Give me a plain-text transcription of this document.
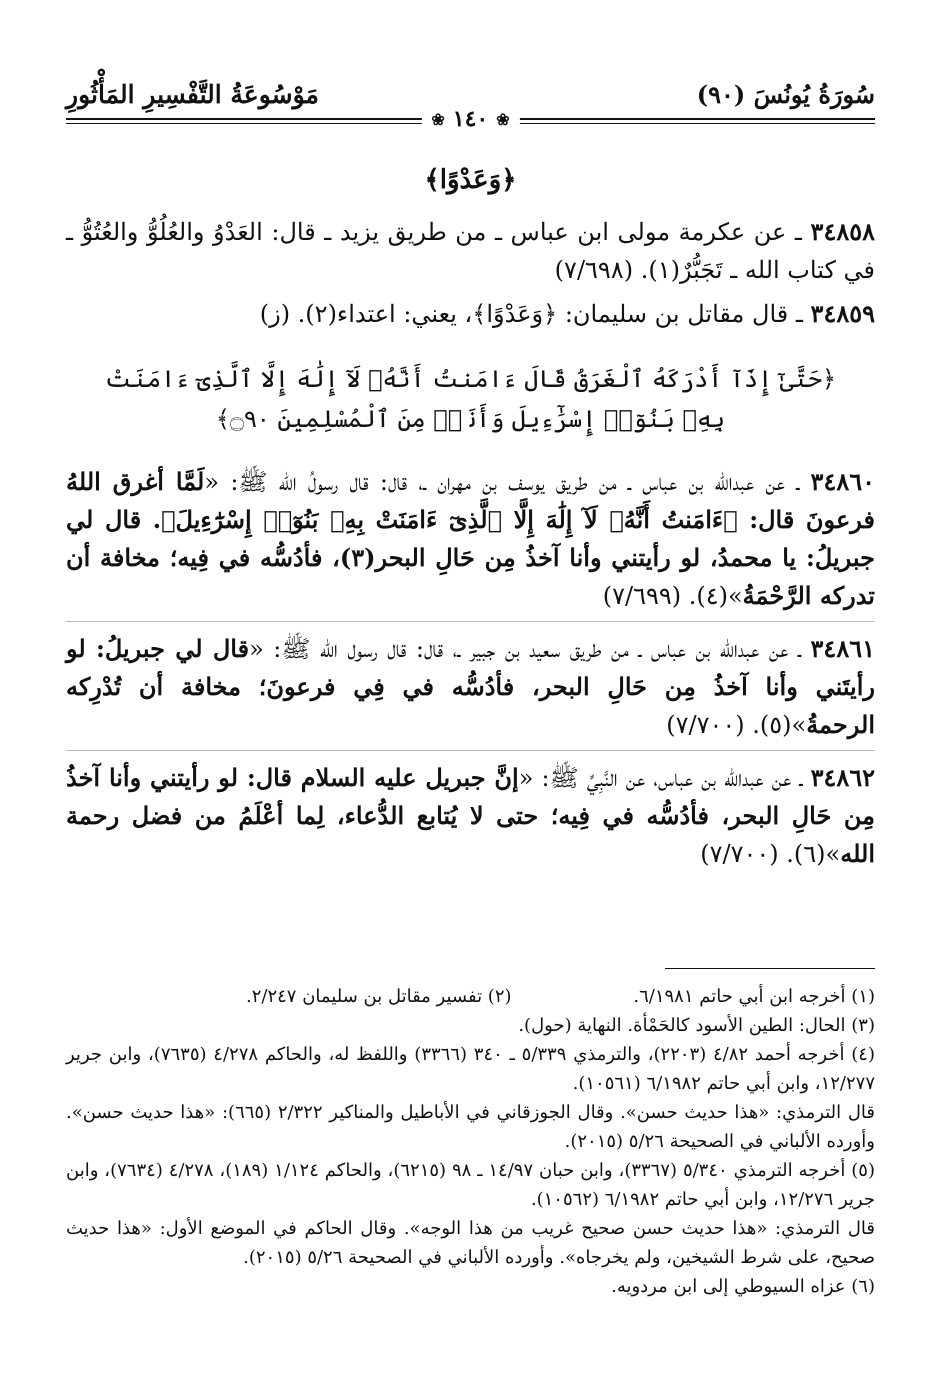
سُورَةُ يُونُسَ (٩٠)
مَوْسُوعَةُ التَّفْسِيرِ المَأْثُورِ
❀
١٤٠
❀
﴿وَعَدْوًا﴾

٣٤٨٥٨ ـ عن عكرمة مولى ابن عباس ـ من طريق يزيد ـ قال: العَدْوُ والعُلُوُّ والعُتُوُّ ـ في كتاب الله ـ تَجَبُّرٌ(١). (٧/٦٩٨)

٣٤٨٥٩ ـ قال مقاتل بن سليمان: ﴿وَعَدْوًا﴾، يعني: اعتداء(٢). (ز)

﴿حَتَّىٰٓ إِذَآ أَدْرَكَهُ ٱلْغَرَقُ قَالَ ءَامَنتُ أَنَّهُۥ لَآ إِلَٰهَ إِلَّا ٱلَّذِىٓ ءَامَنَتْ بِهِۦ بَنُوٓا۟ إِسْرَٰٓءِيلَ وَأَنَا۠ مِنَ ٱلْمُسْلِمِينَ ۝٩٠﴾

٣٤٨٦٠ ـ عن عبدالله بن عباس ـ من طريق يوسف بن مهران ـ، قال: قال رسولُ الله ﷺ: «لَمَّا أغرق اللهُ فرعونَ قال: ﴿ءَامَنتُ أَنَّهُۥ لَآ إِلَٰهَ إِلَّا ٱلَّذِىٓ ءَامَنَتْ بِهِۦ بَنُوٓا۟ إِسْرَٰٓءِيلَ﴾. قال لي جبريلُ: يا محمدُ، لو رأيتني وأنا آخذُ مِن حَالِ البحر(٣)، فأدُسُّه في فِيه؛ مخافة أن تدركه الرَّحْمَةُ»(٤). (٧/٦٩٩)

٣٤٨٦١ ـ عن عبدالله بن عباس ـ من طريق سعيد بن جبير ـ، قال: قال رسول الله ﷺ: «قال لي جبريلُ: لو رأيتَني وأنا آخذُ مِن حَالِ البحر، فأدُسُّه في فِي فرعونَ؛ مخافة أن تُدْرِكه الرحمةُ»(٥). (٧/٧٠٠)

٣٤٨٦٢ ـ عن عبدالله بن عباس، عن النَّبِيِّ ﷺ: «إنَّ جبريل عليه السلام قال: لو رأيتني وأنا آخذُ مِن حَالِ البحر، فأدُسُّه في فِيه؛ حتى لا يُتابع الدُّعاء، لِما أعْلَمُ من فضل رحمة الله»(٦). (٧/٧٠٠)

(١) أخرجه ابن أبي حاتم ٦/١٩٨١.
(٢) تفسير مقاتل بن سليمان ٢/٢٤٧.

(٣) الحال: الطين الأسود كالحَمْأة. النهاية (حول).

(٤) أخرجه أحمد ٤/٨٢ (٢٢٠٣)، والترمذي ٥/٣٣٩ ـ ٣٤٠ (٣٣٦٦) واللفظ له، والحاكم ٤/٢٧٨ (٧٦٣٥)، وابن جرير ١٢/٢٧٧، وابن أبي حاتم ٦/١٩٨٢ (١٠٥٦١).

قال الترمذي: «هذا حديث حسن». وقال الجوزقاني في الأباطيل والمناكير ٢/٣٢٢ (٦٦٥): «هذا حديث حسن». وأورده الألباني في الصحيحة ٥/٢٦ (٢٠١٥).

(٥) أخرجه الترمذي ٥/٣٤٠ (٣٣٦٧)، وابن حبان ١٤/٩٧ ـ ٩٨ (٦٢١٥)، والحاكم ١/١٢٤ (١٨٩)، ٤/٢٧٨ (٧٦٣٤)، وابن جرير ١٢/٢٧٦، وابن أبي حاتم ٦/١٩٨٢ (١٠٥٦٢).

قال الترمذي: «هذا حديث حسن صحيح غريب من هذا الوجه». وقال الحاكم في الموضع الأول: «هذا حديث صحيح، على شرط الشيخين، ولم يخرجاه». وأورده الألباني في الصحيحة ٥/٢٦ (٢٠١٥).

(٦) عزاه السيوطي إلى ابن مردويه.
